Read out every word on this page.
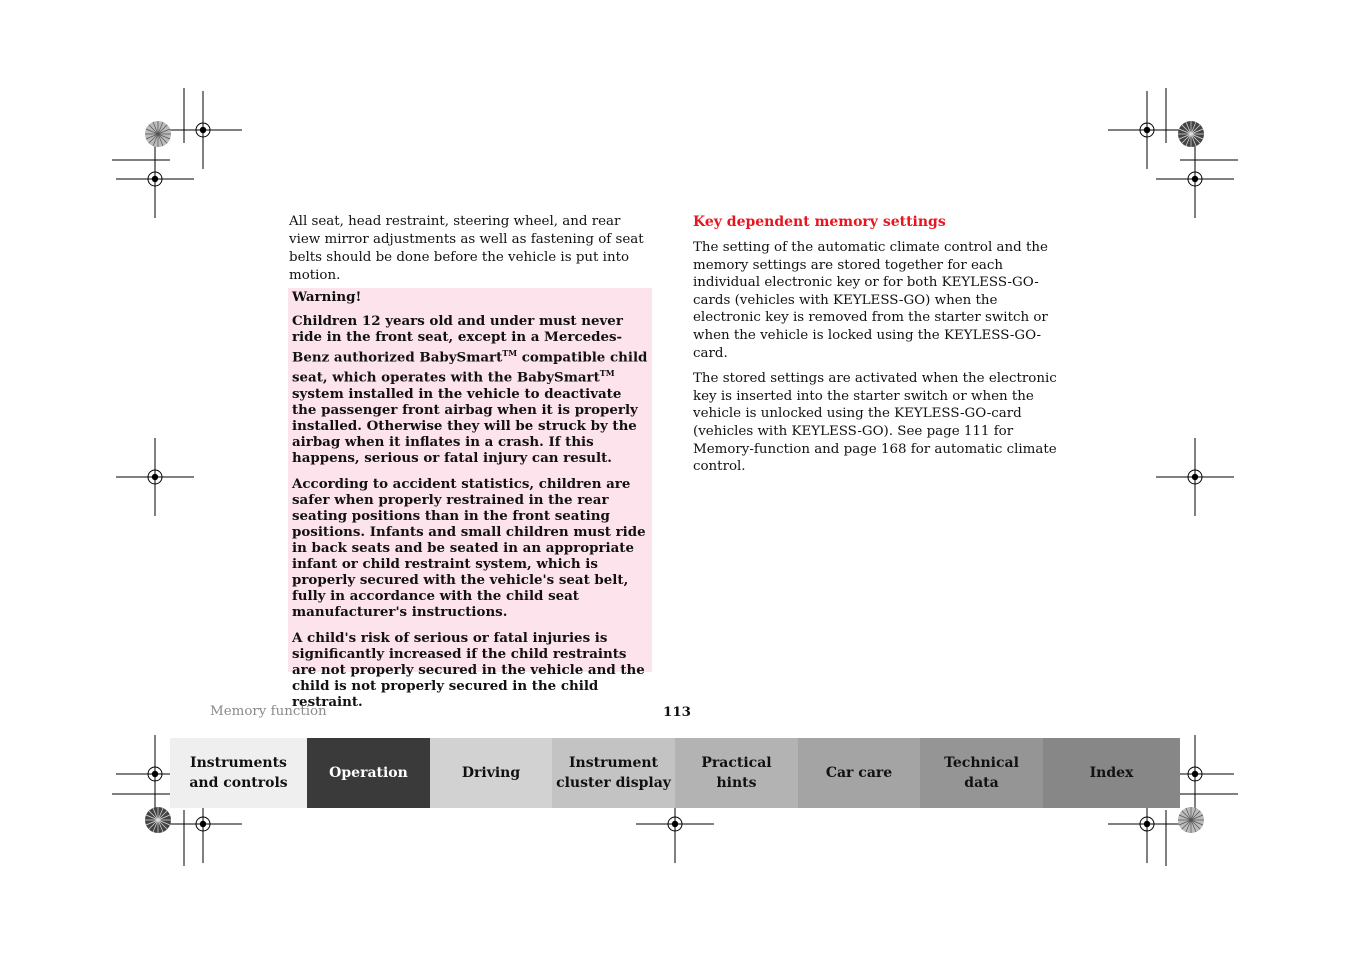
All seat, head restraint, steering wheel, and rear view mirror adjustments as well as fastening of seat belts should be done before the vehicle is put into motion.

Warning!

Children 12 years old and under must never ride in the front seat, except in a Mercedes-Benz authorized BabySmart™ compatible child seat, which operates with the BabySmart™ system installed in the vehicle to deactivate the passenger front airbag when it is properly installed. Otherwise they will be struck by the airbag when it inflates in a crash. If this happens, serious or fatal injury can result.

According to accident statistics, children are safer when properly restrained in the rear seating positions than in the front seating positions. Infants and small children must ride in back seats and be seated in an appropriate infant or child restraint system, which is properly secured with the vehicle's seat belt, fully in accordance with the child seat manufacturer's instructions.

A child's risk of serious or fatal injuries is significantly increased if the child restraints are not properly secured in the vehicle and the child is not properly secured in the child restraint.

Key dependent memory settings

The setting of the automatic climate control and the memory settings are stored together for each individual electronic key or for both KEYLESS-GO-cards (vehicles with KEYLESS-GO) when the electronic key is removed from the starter switch or when the vehicle is locked using the KEYLESS-GO-card.

The stored settings are activated when the electronic key is inserted into the starter switch or when the vehicle is unlocked using the KEYLESS-GO-card (vehicles with KEYLESS-GO). See page 111 for Memory-function and page 168 for automatic climate control.

Memory function	113
Instruments
and controls
Operation	Driving
Instrument
cluster display
Practical hints
Car care
Technical
data
Index
